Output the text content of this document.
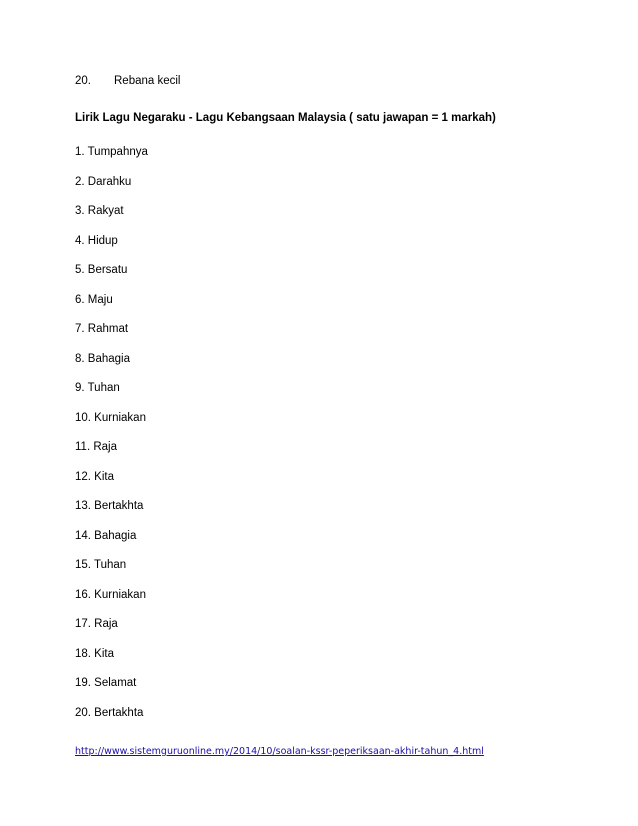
20. Rebana kecil
Lirik Lagu Negaraku - Lagu Kebangsaan Malaysia ( satu jawapan = 1 markah)
1. Tumpahnya
2. Darahku
3. Rakyat
4. Hidup
5. Bersatu
6. Maju
7. Rahmat
8. Bahagia
9. Tuhan
10. Kurniakan
11. Raja
12. Kita
13. Bertakhta
14. Bahagia
15. Tuhan
16. Kurniakan
17. Raja
18. Kita
19. Selamat
20. Bertakhta
http://www.sistemguruonline.my/2014/10/soalan-kssr-peperiksaan-akhir-tahun_4.html
